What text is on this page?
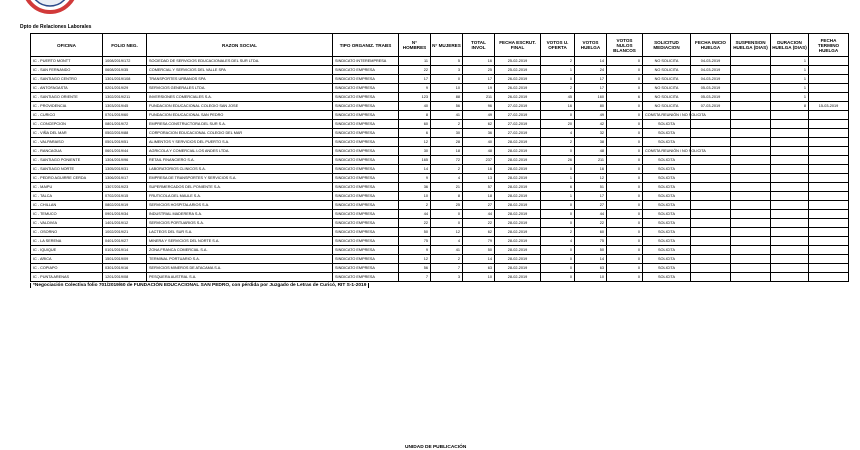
Dpto de Relaciones Laborales
OFICINA	FOLIO NEG.	RAZON SOCIAL	TIPO ORGANIZ. TRABS	N° HOMBRES	N° MUJERES	TOTAL INVOL	FECHA ESCRUT. FINAL	VOTOS U. OFERTA	VOTOS HUELGA	VOTOS NULOS BLANCOS	SOLICITUD MEDIACION	FECHA INICIO HUELGA	SUSPENSION HUELGA (DIAS)	DURACION HUELGA (DIAS)	FECHA TERMINO HUELGA
IC - PUERTO MONTT	1008/2019/172	SOCIEDAD DE SERVICIOS EDUCACIONALES DEL SUR LTDA.	SINDICATO INTEREMPRESA	11	5	16	25-02-2019	2	14	0	NO SOLICITA	04-03-2019		1	
IC - SAN FERNANDO	0608/2019/35	COMERCIAL Y SERVICIOS DEL VALLE SPA	SINDICATO EMPRESA	22	3	25	25-02-2019	1	24	0	NO SOLICITA	04-03-2019		1	
IC - SANTIAGO CENTRO	1301/2019/108	TRANSPORTES URBANOS SPA	SINDICATO EMPRESA	17	0	17	26-02-2019	0	17	0	NO SOLICITA	04-03-2019		1	
IC - ANTOFAGASTA	0201/2019/29	SERVICIOS GENERALES LTDA.	SINDICATO EMPRESA	9	10	19	26-02-2019	2	17	0	NO SOLICITA	05-03-2019		1	
IC - SANTIAGO ORIENTE	1302/2019/211	INVERSIONES COMERCIALES S.A.	SINDICATO EMPRESA	123	88	211	26-02-2019	45	160	6	NO SOLICITA	05-03-2019		1	
IC - PROVIDENCIA	1303/2019/45	FUNDACION EDUCACIONAL COLEGIO SAN JOSE	SINDICATO EMPRESA	40	56	96	27-02-2019	16	80	0	NO SOLICITA	07-03-2019		8	15-03-2019
IC - CURICO	0701/2019/60	FUNDACION EDUCACIONAL SAN PEDRO	SINDICATO EMPRESA	8	41	49	27-02-2019	0	49	0	CONSTA REUNIÓN / NO SOLICITA				
IC - CONCEPCION	0801/2019/72	EMPRESA CONSTRUCTORA DEL SUR S.A.	SINDICATO EMPRESA	60	2	62	27-02-2019	20	42	0	SOLICITA				
IC - VIÑA DEL MAR	0502/2019/88	CORPORACION EDUCACIONAL COLEGIO DEL MAR	SINDICATO EMPRESA	6	30	36	27-02-2019	4	32	0	SOLICITA				
IC - VALPARAISO	0501/2019/51	ALIMENTOS Y SERVICIOS DEL PUERTO S.A.	SINDICATO EMPRESA	12	28	40	28-02-2019	2	38	0	SOLICITA				
IC - RANCAGUA	0601/2019/44	AGRICOLA Y COMERCIAL LOS ANDES LTDA.	SINDICATO EMPRESA	30	18	48	28-02-2019	0	48	0	CONSTA REUNIÓN / NO SOLICITA				
IC - SANTIAGO PONIENTE	1304/2019/96	RETAIL FINANCIERO S.A.	SINDICATO EMPRESA	165	72	237	28-02-2019	26	211	0	SOLICITA				
IC - SANTIAGO NORTE	1305/2019/31	LABORATORIOS CLINICOS S.A.	SINDICATO EMPRESA	14	2	16	28-02-2019	0	16	0	SOLICITA				
IC - PEDRO AGUIRRE CERDA	1306/2019/17	EMPRESA DE TRANSPORTES Y SERVICIOS S.A.	SINDICATO EMPRESA	9	4	13	28-02-2019	1	12	0	SOLICITA				
IC - MAIPU	1307/2019/23	SUPERMERCADOS DEL PONIENTE S.A.	SINDICATO EMPRESA	36	21	57	28-02-2019	6	51	0	SOLICITA				
IC - TALCA	0702/2019/15	FRUTICOLA DEL MAULE S.A.	SINDICATO EMPRESA	10	8	18	28-02-2019	1	17	0	SOLICITA				
IC - CHILLAN	0802/2019/19	SERVICIOS HOSPITALARIOS S.A.	SINDICATO EMPRESA	2	25	27	28-02-2019	0	27	0	SOLICITA				
IC - TEMUCO	0901/2019/34	INDUSTRIAL MADERERA S.A.	SINDICATO EMPRESA	44	0	44	28-02-2019	0	44	0	SOLICITA				
IC - VALDIVIA	1401/2019/12	SERVICIOS PORTUARIOS S.A.	SINDICATO EMPRESA	22	0	22	28-02-2019	0	22	0	SOLICITA				
IC - OSORNO	1002/2019/21	LACTEOS DEL SUR S.A.	SINDICATO EMPRESA	50	12	62	28-02-2019	2	60	0	SOLICITA				
IC - LA SERENA	0401/2019/27	MINERA Y SERVICIOS DEL NORTE S.A.	SINDICATO EMPRESA	75	4	79	28-02-2019	4	75	0	SOLICITA				
IC - IQUIQUE	0101/2019/14	ZONA FRANCA COMERCIAL S.A.	SINDICATO EMPRESA	9	41	50	28-02-2019	0	50	0	SOLICITA				
IC - ARICA	1501/2019/09	TERMINAL PORTUARIO S.A.	SINDICATO EMPRESA	12	2	14	28-02-2019	0	14	0	SOLICITA				
IC - COPIAPO	0301/2019/16	SERVICIOS MINEROS DE ATACAMA S.A.	SINDICATO EMPRESA	56	7	63	28-02-2019	0	63	0	SOLICITA				
IC - PUNTA ARENAS	1201/2019/08	PESQUERA AUSTRAL S.A.	SINDICATO EMPRESA	7	3	10	28-02-2019	0	10	0	SOLICITA				
*Negociación Colectiva folio 701/2019/60 de FUNDACIÓN EDUCACIONAL SAN PEDRO, con pérdida por Juzgado de Letras de Curicó, RIT S-1-2019
UNIDAD DE PUBLICACIÓN
